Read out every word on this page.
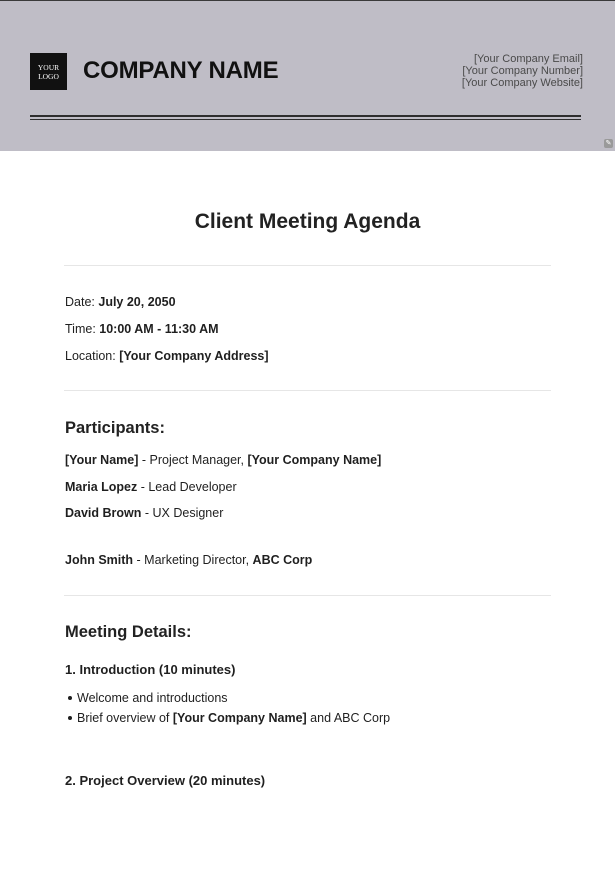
YOUR
LOGO	COMPANY NAME	[Your Company Email]
[Your Company Number]
[Your Company Website]
✎
Client Meeting Agenda
Date: July 20, 2050
Time: 10:00 AM - 11:30 AM
Location: [Your Company Address]
Participants:
[Your Name] - Project Manager, [Your Company Name]
Maria Lopez - Lead Developer
David Brown - UX Designer
John Smith - Marketing Director, ABC Corp
Meeting Details:
1. Introduction (10 minutes)
Welcome and introductions
Brief overview of [Your Company Name] and ABC Corp
2. Project Overview (20 minutes)
